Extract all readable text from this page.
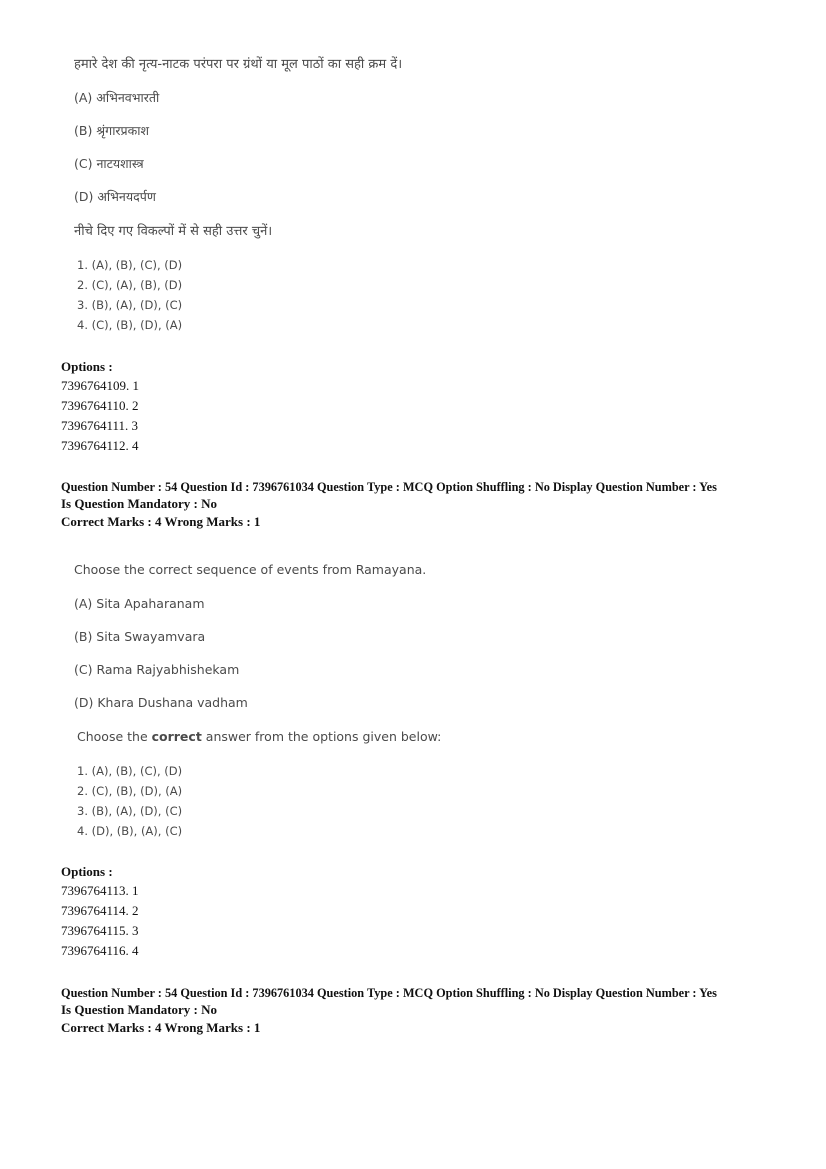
हमारे देश की नृत्य-नाटक परंपरा पर ग्रंथों या मूल पाठों का सही क्रम दें।
(A) अभिनवभारती
(B) श्रृंगारप्रकाश
(C) नाटयशास्त्र
(D) अभिनयदर्पण
नीचे दिए गए विकल्पों में से सही उत्तर चुनें।
1. (A), (B), (C), (D)
2. (C), (A), (B), (D)
3. (B), (A), (D), (C)
4. (C), (B), (D), (A)
Options :
7396764109. 1
7396764110. 2
7396764111. 3
7396764112. 4
Question Number : 54 Question Id : 7396761034 Question Type : MCQ Option Shuffling : No Display Question Number : Yes
Is Question Mandatory : No
Correct Marks : 4 Wrong Marks : 1
Choose the correct sequence of events from Ramayana.
(A) Sita Apaharanam
(B) Sita Swayamvara
(C) Rama Rajyabhishekam
(D) Khara Dushana vadham
Choose the correct answer from the options given below:
1. (A), (B), (C), (D)
2. (C), (B), (D), (A)
3. (B), (A), (D), (C)
4. (D), (B), (A), (C)
Options :
7396764113. 1
7396764114. 2
7396764115. 3
7396764116. 4
Question Number : 54 Question Id : 7396761034 Question Type : MCQ Option Shuffling : No Display Question Number : Yes
Is Question Mandatory : No
Correct Marks : 4 Wrong Marks : 1
